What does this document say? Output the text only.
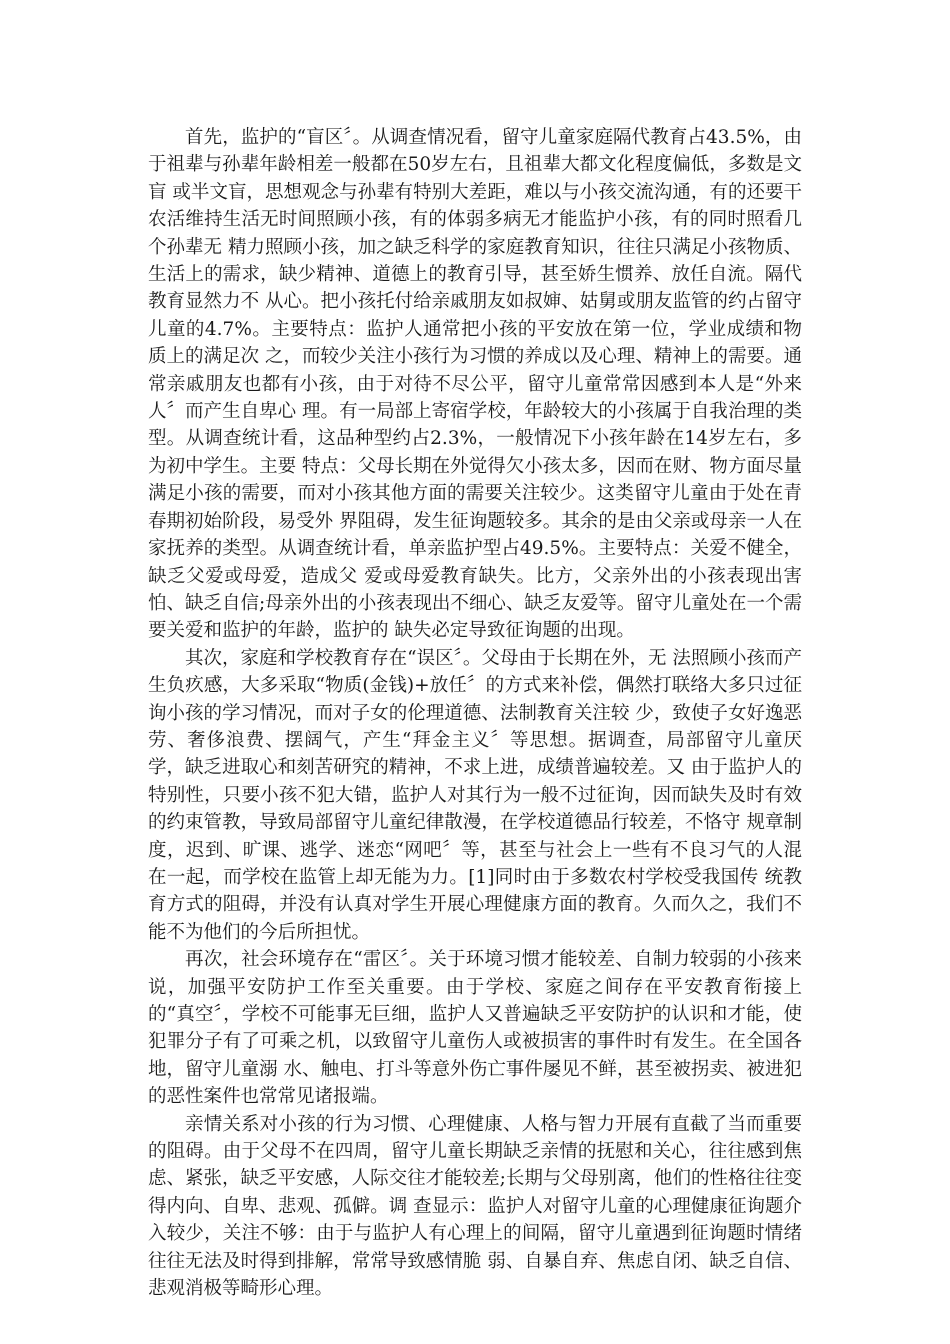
首先，监护的“盲区〞。从调查情况看，留守儿童家庭隔代教育占43.5%，由于祖辈与孙辈年龄相差一般都在50岁左右，且祖辈大都文化程度偏低，多数是文盲 或半文盲，思想观念与孙辈有特别大差距，难以与小孩交流沟通，有的还要干农活维持生活无时间照顾小孩，有的体弱多病无才能监护小孩，有的同时照看几个孙辈无 精力照顾小孩，加之缺乏科学的家庭教育知识，往往只满足小孩物质、生活上的需求，缺少精神、道德上的教育引导，甚至娇生惯养、放任自流。隔代教育显然力不 从心。把小孩托付给亲戚朋友如叔婶、姑舅或朋友监管的约占留守儿童的4.7%。主要特点：监护人通常把小孩的平安放在第一位，学业成绩和物质上的满足次 之，而较少关注小孩行为习惯的养成以及心理、精神上的需要。通常亲戚朋友也都有小孩，由于对待不尽公平，留守儿童常常因感到本人是“外来人〞而产生自卑心 理。有一局部上寄宿学校，年龄较大的小孩属于自我治理的类型。从调查统计看，这品种型约占2.3%，一般情况下小孩年龄在14岁左右，多为初中学生。主要 特点：父母长期在外觉得欠小孩太多，因而在财、物方面尽量满足小孩的需要，而对小孩其他方面的需要关注较少。这类留守儿童由于处在青春期初始阶段，易受外 界阻碍，发生征询题较多。其余的是由父亲或母亲一人在家抚养的类型。从调查统计看，单亲监护型占49.5%。主要特点：关爱不健全，缺乏父爱或母爱，造成父 爱或母爱教育缺失。比方，父亲外出的小孩表现出害怕、缺乏自信;母亲外出的小孩表现出不细心、缺乏友爱等。留守儿童处在一个需要关爱和监护的年龄，监护的 缺失必定导致征询题的出现。

其次，家庭和学校教育存在“误区〞。父母由于长期在外，无 法照顾小孩而产生负疚感，大多采取“物质(金钱)+放任〞的方式来补偿，偶然打联络大多只过征询小孩的学习情况，而对子女的伦理道德、法制教育关注较 少，致使子女好逸恶劳、奢侈浪费、摆阔气，产生“拜金主义〞等思想。据调查，局部留守儿童厌学，缺乏进取心和刻苦研究的精神，不求上进，成绩普遍较差。又 由于监护人的特别性，只要小孩不犯大错，监护人对其行为一般不过征询，因而缺失及时有效的约束管教，导致局部留守儿童纪律散漫，在学校道德品行较差，不恪守 规章制度，迟到、旷课、逃学、迷恋“网吧〞等，甚至与社会上一些有不良习气的人混在一起，而学校在监管上却无能为力。[1]同时由于多数农村学校受我国传 统教育方式的阻碍，并没有认真对学生开展心理健康方面的教育。久而久之，我们不能不为他们的今后所担忧。

再次，社会环境存在“雷区〞。关于环境习惯才能较差、自制力较弱的小孩来说，加强平安防护工作至关重要。由于学校、家庭之间存在平安教育衔接上的“真空〞，学校不可能事无巨细，监护人又普遍缺乏平安防护的认识和才能，使犯罪分子有了可乘之机，以致留守儿童伤人或被损害的事件时有发生。在全国各地，留守儿童溺 水、触电、打斗等意外伤亡事件屡见不鲜，甚至被拐卖、被进犯的恶性案件也常常见诸报端。

亲情关系对小孩的行为习惯、心理健康、人格与智力开展有直截了当而重要的阻碍。由于父母不在四周，留守儿童长期缺乏亲情的抚慰和关心，往往感到焦虑、紧张，缺乏平安感，人际交往才能较差;长期与父母别离，他们的性格往往变得内向、自卑、悲观、孤僻。调 查显示：监护人对留守儿童的心理健康征询题介入较少，关注不够：由于与监护人有心理上的间隔，留守儿童遇到征询题时情绪往往无法及时得到排解，常常导致感情脆 弱、自暴自弃、焦虑自闭、缺乏自信、悲观消极等畸形心理。
